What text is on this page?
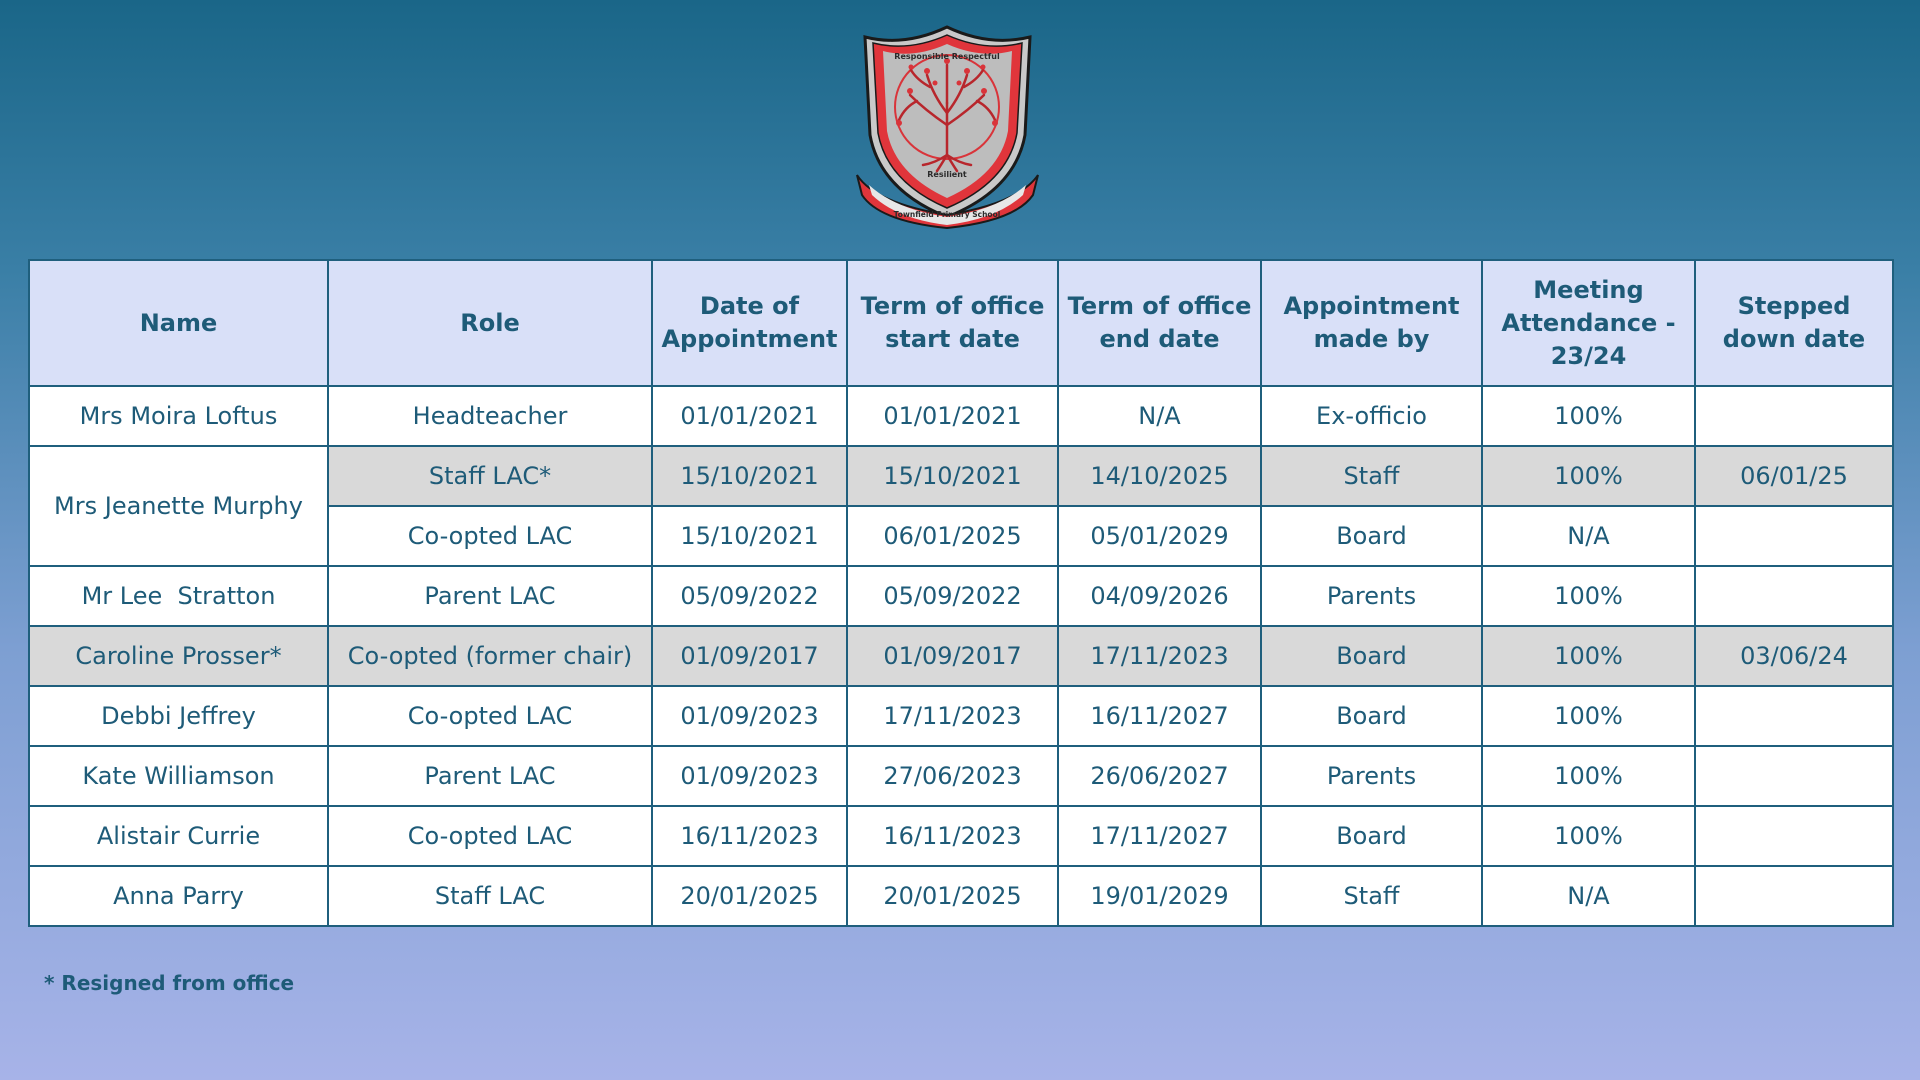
Responsible Respectful
Resilient
Townfield Primary School
Name	Role	Date of Appointment	Term of office start date	Term of office end date	Appointment made by	Meeting Attendance - 23/24	Stepped down date
Mrs Moira Loftus	Headteacher	01/01/2021	01/01/2021	N/A	Ex-officio	100%	
Mrs Jeanette Murphy	Staff LAC*	15/10/2021	15/10/2021	14/10/2025	Staff	100%	06/01/25
	Co-opted LAC	15/10/2021	06/01/2025	05/01/2029	Board	N/A	
Mr Lee  Stratton	Parent LAC	05/09/2022	05/09/2022	04/09/2026	Parents	100%	
Caroline Prosser*	Co-opted (former chair)	01/09/2017	01/09/2017	17/11/2023	Board	100%	03/06/24
Debbi Jeffrey	Co-opted LAC	01/09/2023	17/11/2023	16/11/2027	Board	100%	
Kate Williamson	Parent LAC	01/09/2023	27/06/2023	26/06/2027	Parents	100%	
Alistair Currie	Co-opted LAC	16/11/2023	16/11/2023	17/11/2027	Board	100%	
Anna Parry	Staff LAC	20/01/2025	20/01/2025	19/01/2029	Staff	N/A	
* Resigned from office
